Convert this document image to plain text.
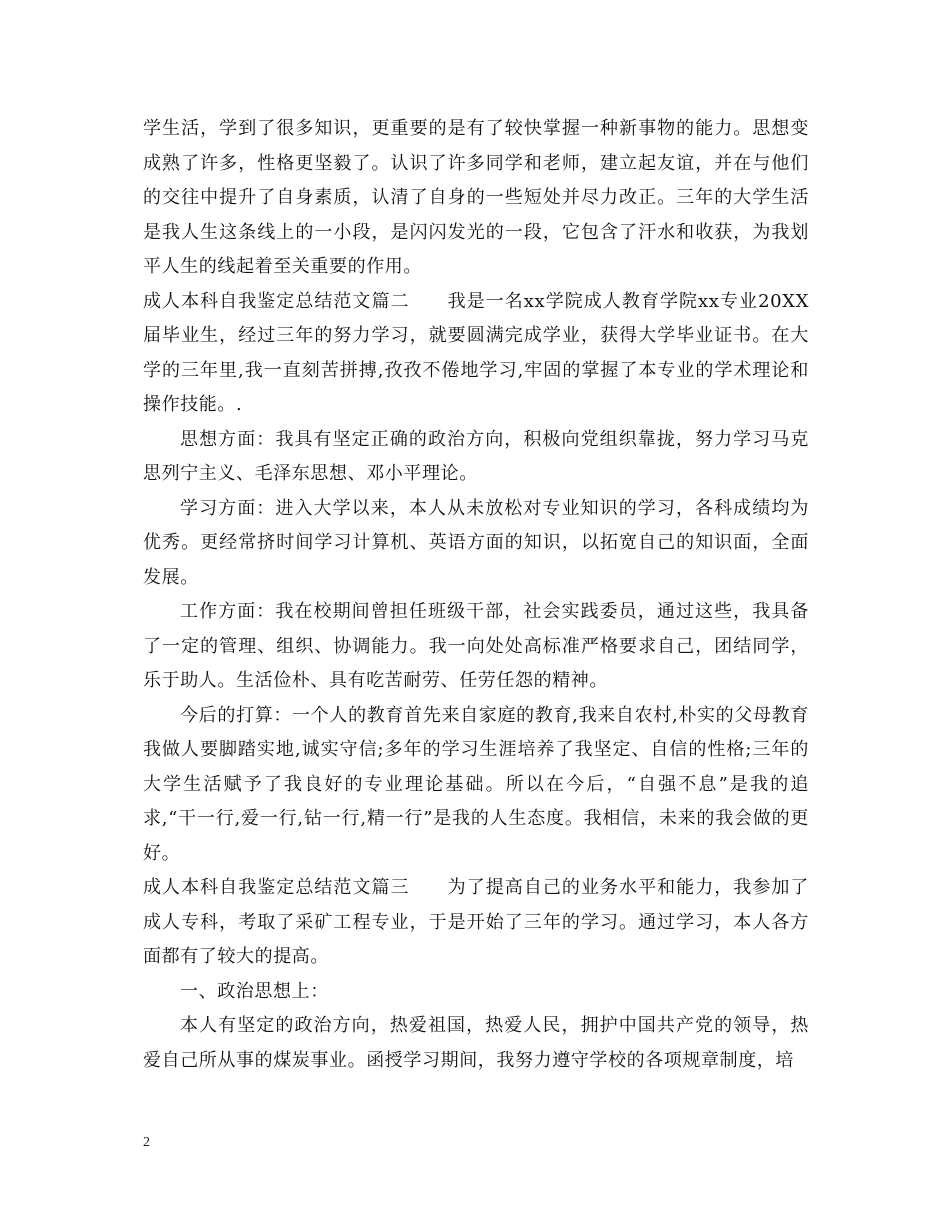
学生活，学到了很多知识，更重要的是有了较快掌握一种新事物的能力。思想变成熟了许多，性格更坚毅了。认识了许多同学和老师，建立起友谊，并在与他们的交往中提升了自身素质，认清了自身的一些短处并尽力改正。三年的大学生活是我人生这条线上的一小段，是闪闪发光的一段，它包含了汗水和收获，为我划平人生的线起着至关重要的作用。

成人本科自我鉴定总结范文篇二　　我是一名xx学院成人教育学院xx专业20XX届毕业生，经过三年的努力学习，就要圆满完成学业，获得大学毕业证书。在大学的三年里,我一直刻苦拼搏,孜孜不倦地学习,牢固的掌握了本专业的学术理论和操作技能。.

思想方面：我具有坚定正确的政治方向，积极向党组织靠拢，努力学习马克思列宁主义、毛泽东思想、邓小平理论。

学习方面：进入大学以来，本人从未放松对专业知识的学习，各科成绩均为优秀。更经常挤时间学习计算机、英语方面的知识，以拓宽自己的知识面，全面发展。

工作方面：我在校期间曾担任班级干部，社会实践委员，通过这些，我具备了一定的管理、组织、协调能力。我一向处处高标准严格要求自己，团结同学，乐于助人。生活俭朴、具有吃苦耐劳、任劳任怨的精神。

今后的打算：一个人的教育首先来自家庭的教育,我来自农村,朴实的父母教育我做人要脚踏实地,诚实守信;多年的学习生涯培养了我坚定、自信的性格;三年的大学生活赋予了我良好的专业理论基础。所以在今后，“自强不息”是我的追求,“干一行,爱一行,钻一行,精一行”是我的人生态度。我相信，未来的我会做的更好。

成人本科自我鉴定总结范文篇三　　为了提高自己的业务水平和能力，我参加了成人专科，考取了采矿工程专业，于是开始了三年的学习。通过学习，本人各方面都有了较大的提高。

一、政治思想上：

本人有坚定的政治方向，热爱祖国，热爱人民，拥护中国共产党的领导，热爱自己所从事的煤炭事业。函授学习期间，我努力遵守学校的各项规章制度，培

2
